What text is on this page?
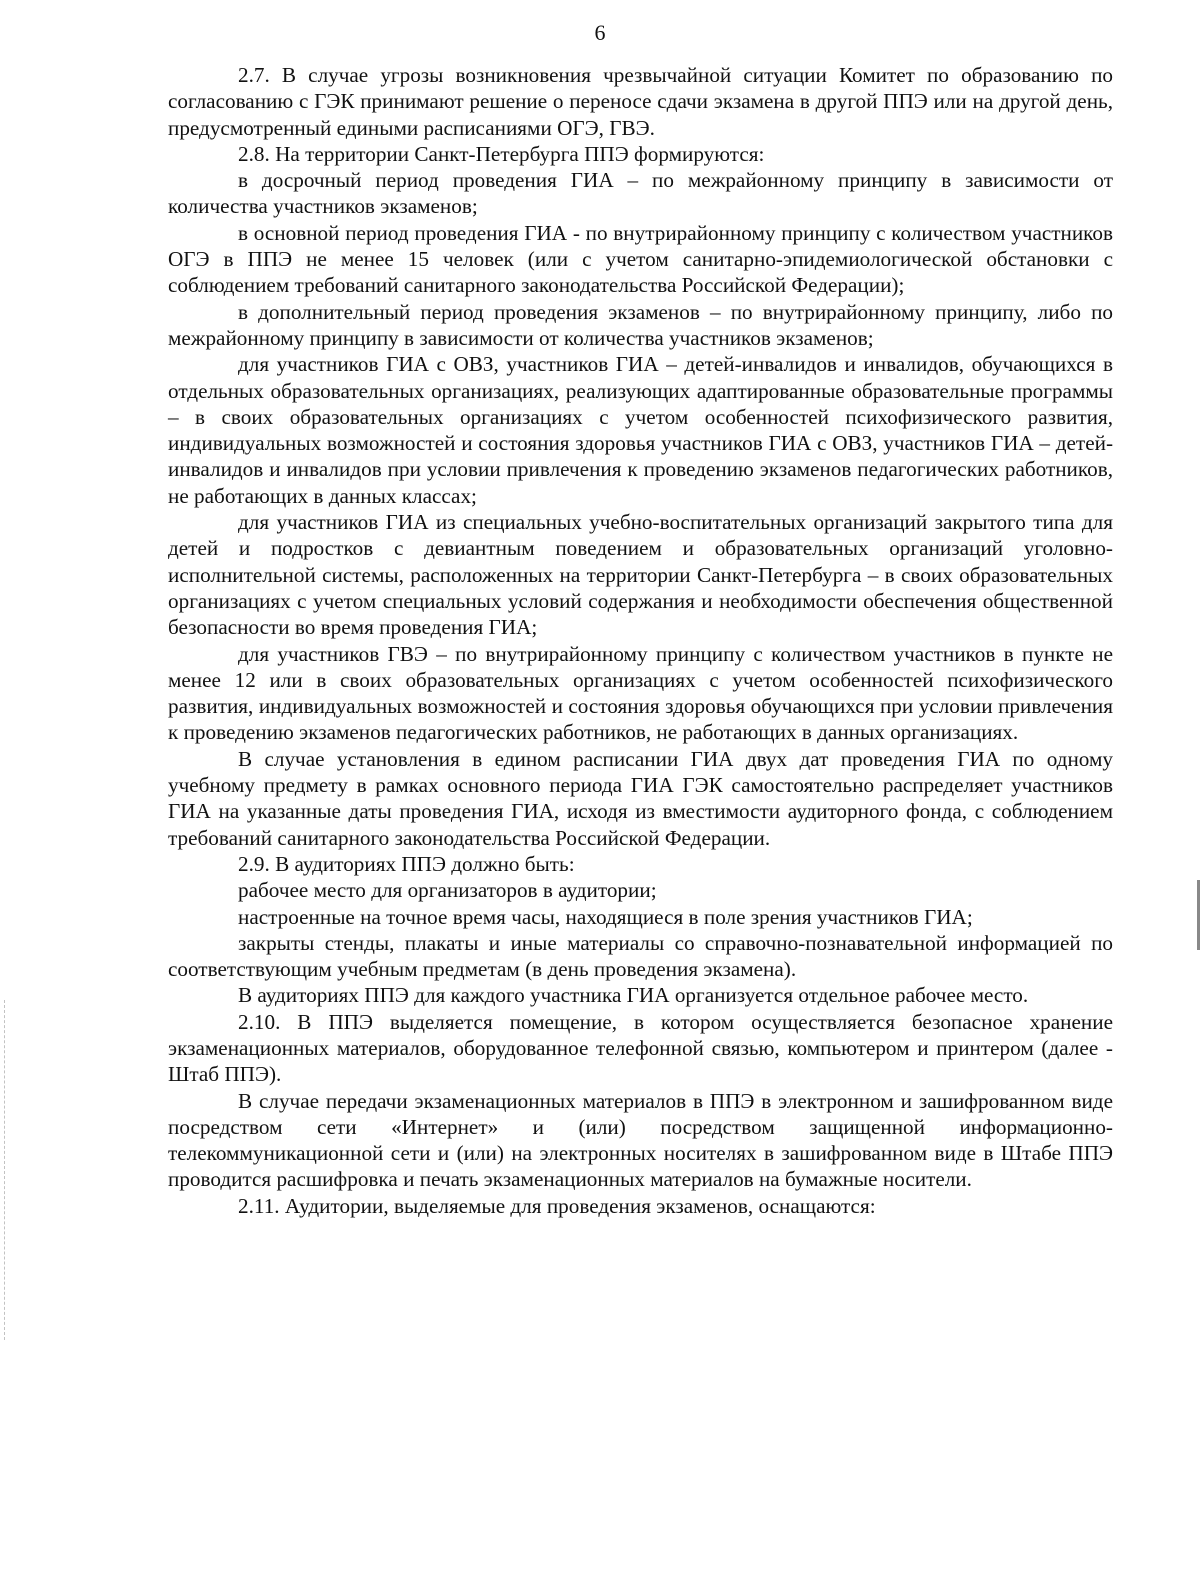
6

2.7. В случае угрозы возникновения чрезвычайной ситуации Комитет по образованию по согласованию с ГЭК принимают решение о переносе сдачи экзамена в другой ППЭ или на другой день, предусмотренный едиными расписаниями ОГЭ, ГВЭ.

2.8. На территории Санкт-Петербурга ППЭ формируются:

в досрочный период проведения ГИА – по межрайонному принципу в зависимости от количества участников экзаменов;

в основной период проведения ГИА - по внутрирайонному принципу с количеством участников ОГЭ в ППЭ не менее 15 человек (или с учетом санитарно-эпидемиологической обстановки с соблюдением требований санитарного законодательства Российской Федерации);

в дополнительный период проведения экзаменов – по внутрирайонному принципу, либо по межрайонному принципу в зависимости от количества участников экзаменов;

для участников ГИА с ОВЗ, участников ГИА – детей-инвалидов и инвалидов, обучающихся в отдельных образовательных организациях, реализующих адаптированные образовательные программы – в своих образовательных организациях с учетом особенностей психофизического развития, индивидуальных возможностей и состояния здоровья участников ГИА с ОВЗ, участников ГИА – детей-инвалидов и инвалидов при условии привлечения к проведению экзаменов педагогических работников, не работающих в данных классах;

для участников ГИА из специальных учебно-воспитательных организаций закрытого типа для детей и подростков с девиантным поведением и образовательных организаций уголовно-исполнительной системы, расположенных на территории Санкт-Петербурга – в своих образовательных организациях с учетом специальных условий содержания и необходимости обеспечения общественной безопасности во время проведения ГИА;

для участников ГВЭ – по внутрирайонному принципу с количеством участников в пункте не менее 12 или в своих образовательных организациях с учетом особенностей психофизического развития, индивидуальных возможностей и состояния здоровья обучающихся при условии привлечения к проведению экзаменов педагогических работников, не работающих в данных организациях.

В случае установления в едином расписании ГИА двух дат проведения ГИА по одному учебному предмету в рамках основного периода ГИА ГЭК самостоятельно распределяет участников ГИА на указанные даты проведения ГИА, исходя из вместимости аудиторного фонда, с соблюдением требований санитарного законодательства Российской Федерации.

2.9. В аудиториях ППЭ должно быть:

рабочее место для организаторов в аудитории;

настроенные на точное время часы, находящиеся в поле зрения участников ГИА;

закрыты стенды, плакаты и иные материалы со справочно-познавательной информацией по соответствующим учебным предметам (в день проведения экзамена).

В аудиториях ППЭ для каждого участника ГИА организуется отдельное рабочее место.

2.10. В ППЭ выделяется помещение, в котором осуществляется безопасное хранение экзаменационных материалов, оборудованное телефонной связью, компьютером и принтером (далее - Штаб ППЭ).

В случае передачи экзаменационных материалов в ППЭ в электронном и зашифрованном виде посредством сети «Интернет» и (или) посредством защищенной информационно-телекоммуникационной сети и (или) на электронных носителях в зашифрованном виде в Штабе ППЭ проводится расшифровка и печать экзаменационных материалов на бумажные носители.

2.11. Аудитории, выделяемые для проведения экзаменов, оснащаются:
